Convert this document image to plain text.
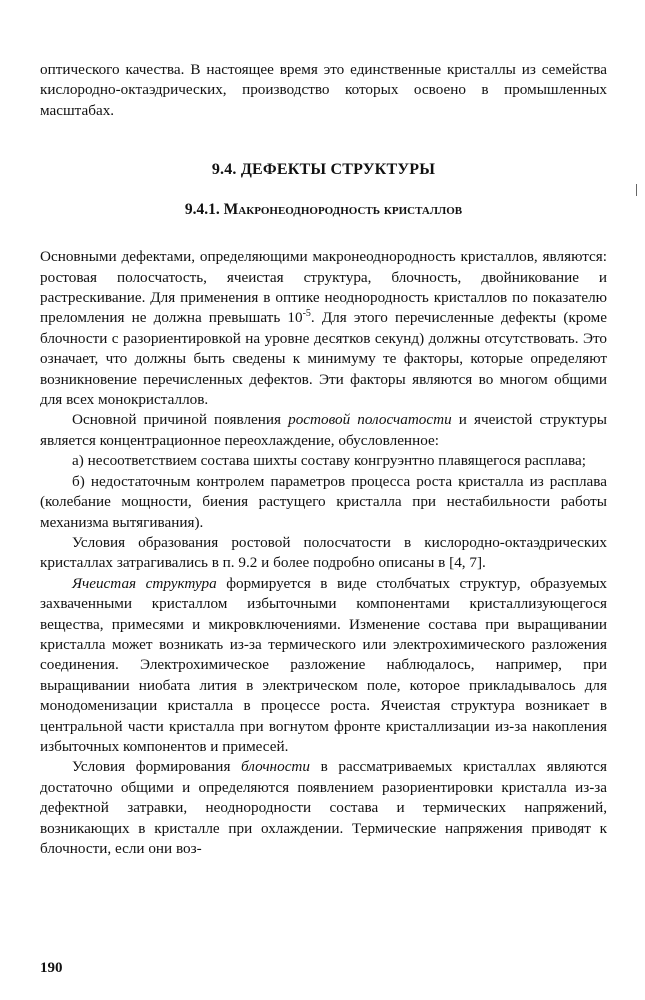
оптического качества. В настоящее время это единственные кристаллы из семейства кислородно-октаэдрических, производство которых освоено в промышленных масштабах.

9.4. ДЕФЕКТЫ СТРУКТУРЫ
9.4.1. Макронеоднородность кристаллов

Основными дефектами, определяющими макронеоднородность кристаллов, являются: ростовая полосчатость, ячеистая структура, блочность, двойникование и растрескивание. Для применения в оптике неоднородность кристаллов по показателю преломления не должна превышать $10^{-5}$. Для этого перечисленные дефекты (кроме блочности с разориентировкой на уровне десятков секунд) должны отсутствовать. Это означает, что должны быть сведены к минимуму те факторы, которые определяют возникновение перечисленных дефектов. Эти факторы являются во многом общими для всех монокристаллов.

Основной причиной появления ростовой полосчатости и ячеистой структуры является концентрационное переохлаждение, обусловленное:

а) несоответствием состава шихты составу конгруэнтно плавящегося расплава;

б) недостаточным контролем параметров процесса роста кристалла из расплава (колебание мощности, биения растущего кристалла при нестабильности работы механизма вытягивания).

Условия образования ростовой полосчатости в кислородно-октаэдрических кристаллах затрагивались в п. 9.2 и более подробно описаны в [4, 7].

Ячеистая структура формируется в виде столбчатых структур, образуемых захваченными кристаллом избыточными компонентами кристаллизующегося вещества, примесями и микровключениями. Изменение состава при выращивании кристалла может возникать из-за термического или электрохимического разложения соединения. Электрохимическое разложение наблюдалось, например, при выращивании ниобата лития в электрическом поле, которое прикладывалось для монодоменизации кристалла в процессе роста. Ячеистая структура возникает в центральной части кристалла при вогнутом фронте кристаллизации из-за накопления избыточных компонентов и примесей.

Условия формирования блочности в рассматриваемых кристаллах являются достаточно общими и определяются появлением разориентировки кристалла из-за дефектной затравки, неоднородности состава и термических напряжений, возникающих в кристалле при охлаждении. Термические напряжения приводят к блочности, если они воз-

190
